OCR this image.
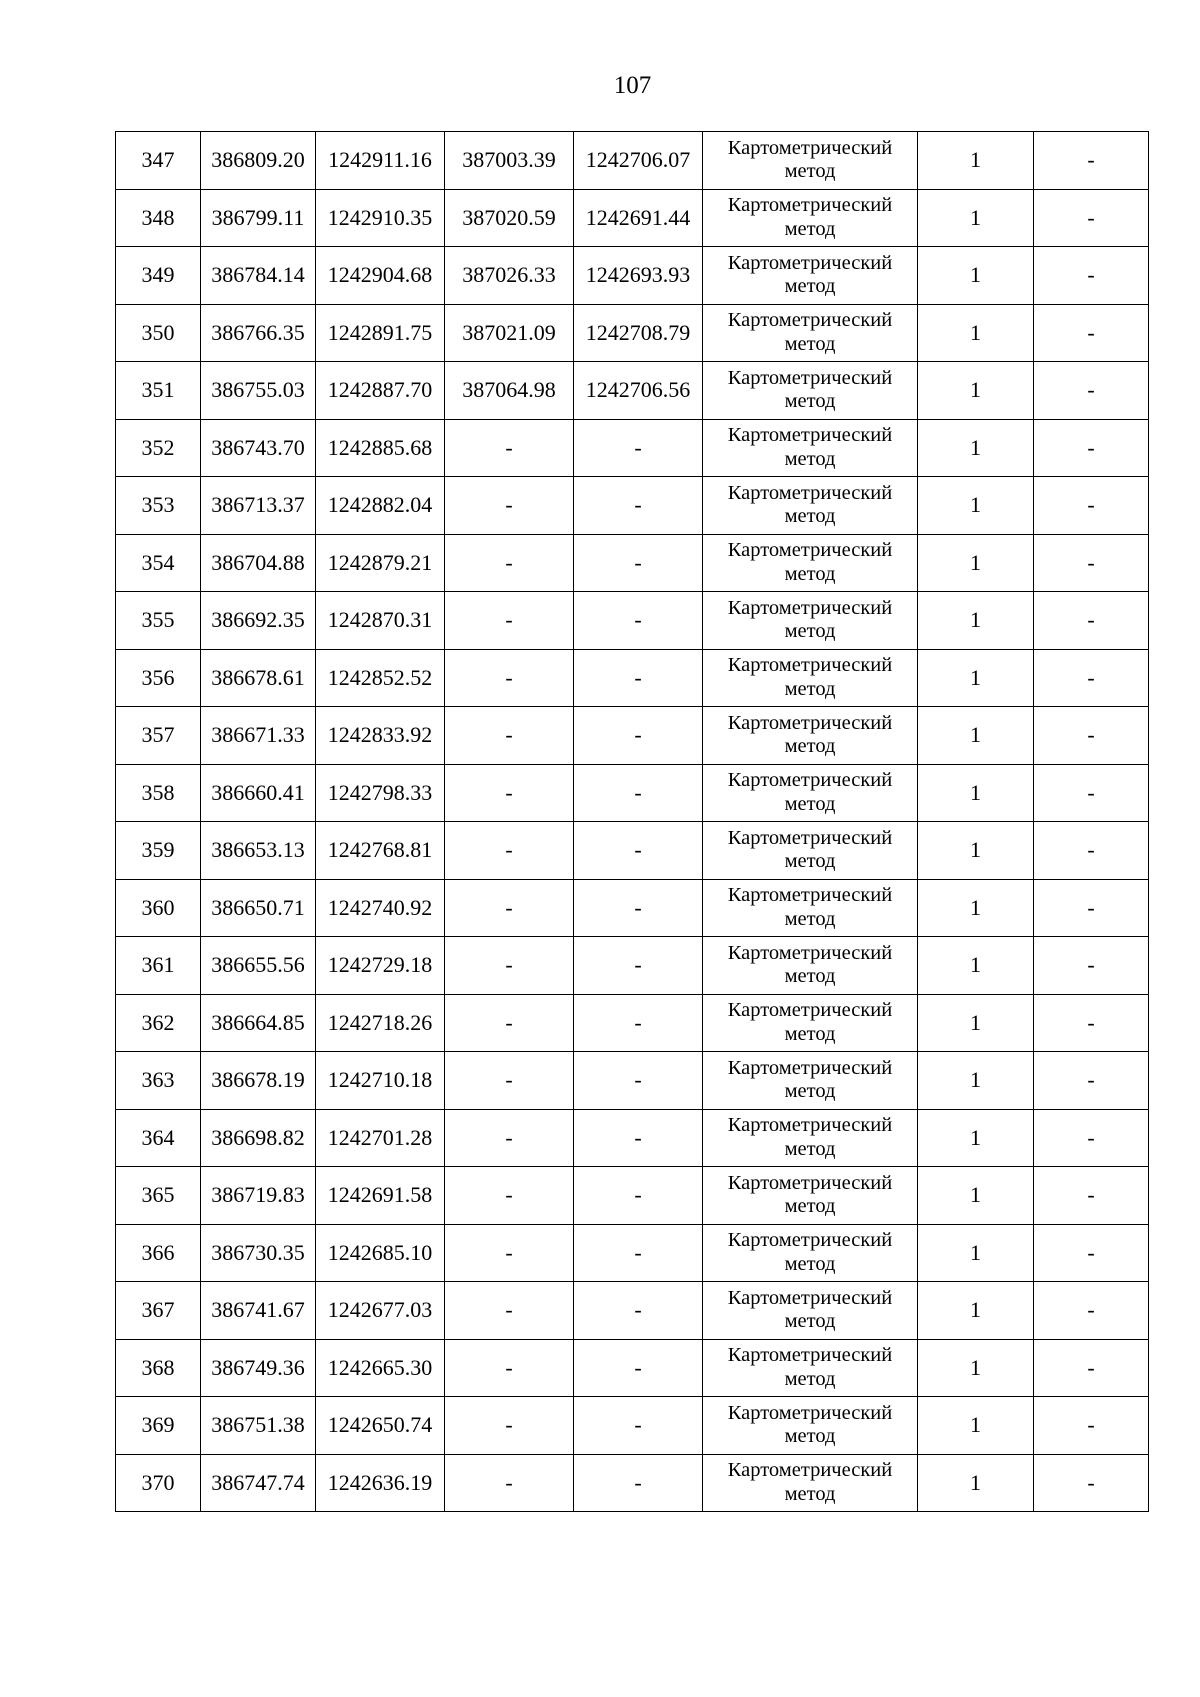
107
347	386809.20	1242911.16	387003.39	1242706.07	Картометрический
метод	1	-
348	386799.11	1242910.35	387020.59	1242691.44	Картометрический
метод	1	-
349	386784.14	1242904.68	387026.33	1242693.93	Картометрический
метод	1	-
350	386766.35	1242891.75	387021.09	1242708.79	Картометрический
метод	1	-
351	386755.03	1242887.70	387064.98	1242706.56	Картометрический
метод	1	-
352	386743.70	1242885.68	-	-	Картометрический
метод	1	-
353	386713.37	1242882.04	-	-	Картометрический
метод	1	-
354	386704.88	1242879.21	-	-	Картометрический
метод	1	-
355	386692.35	1242870.31	-	-	Картометрический
метод	1	-
356	386678.61	1242852.52	-	-	Картометрический
метод	1	-
357	386671.33	1242833.92	-	-	Картометрический
метод	1	-
358	386660.41	1242798.33	-	-	Картометрический
метод	1	-
359	386653.13	1242768.81	-	-	Картометрический
метод	1	-
360	386650.71	1242740.92	-	-	Картометрический
метод	1	-
361	386655.56	1242729.18	-	-	Картометрический
метод	1	-
362	386664.85	1242718.26	-	-	Картометрический
метод	1	-
363	386678.19	1242710.18	-	-	Картометрический
метод	1	-
364	386698.82	1242701.28	-	-	Картометрический
метод	1	-
365	386719.83	1242691.58	-	-	Картометрический
метод	1	-
366	386730.35	1242685.10	-	-	Картометрический
метод	1	-
367	386741.67	1242677.03	-	-	Картометрический
метод	1	-
368	386749.36	1242665.30	-	-	Картометрический
метод	1	-
369	386751.38	1242650.74	-	-	Картометрический
метод	1	-
370	386747.74	1242636.19	-	-	Картометрический
метод	1	-
